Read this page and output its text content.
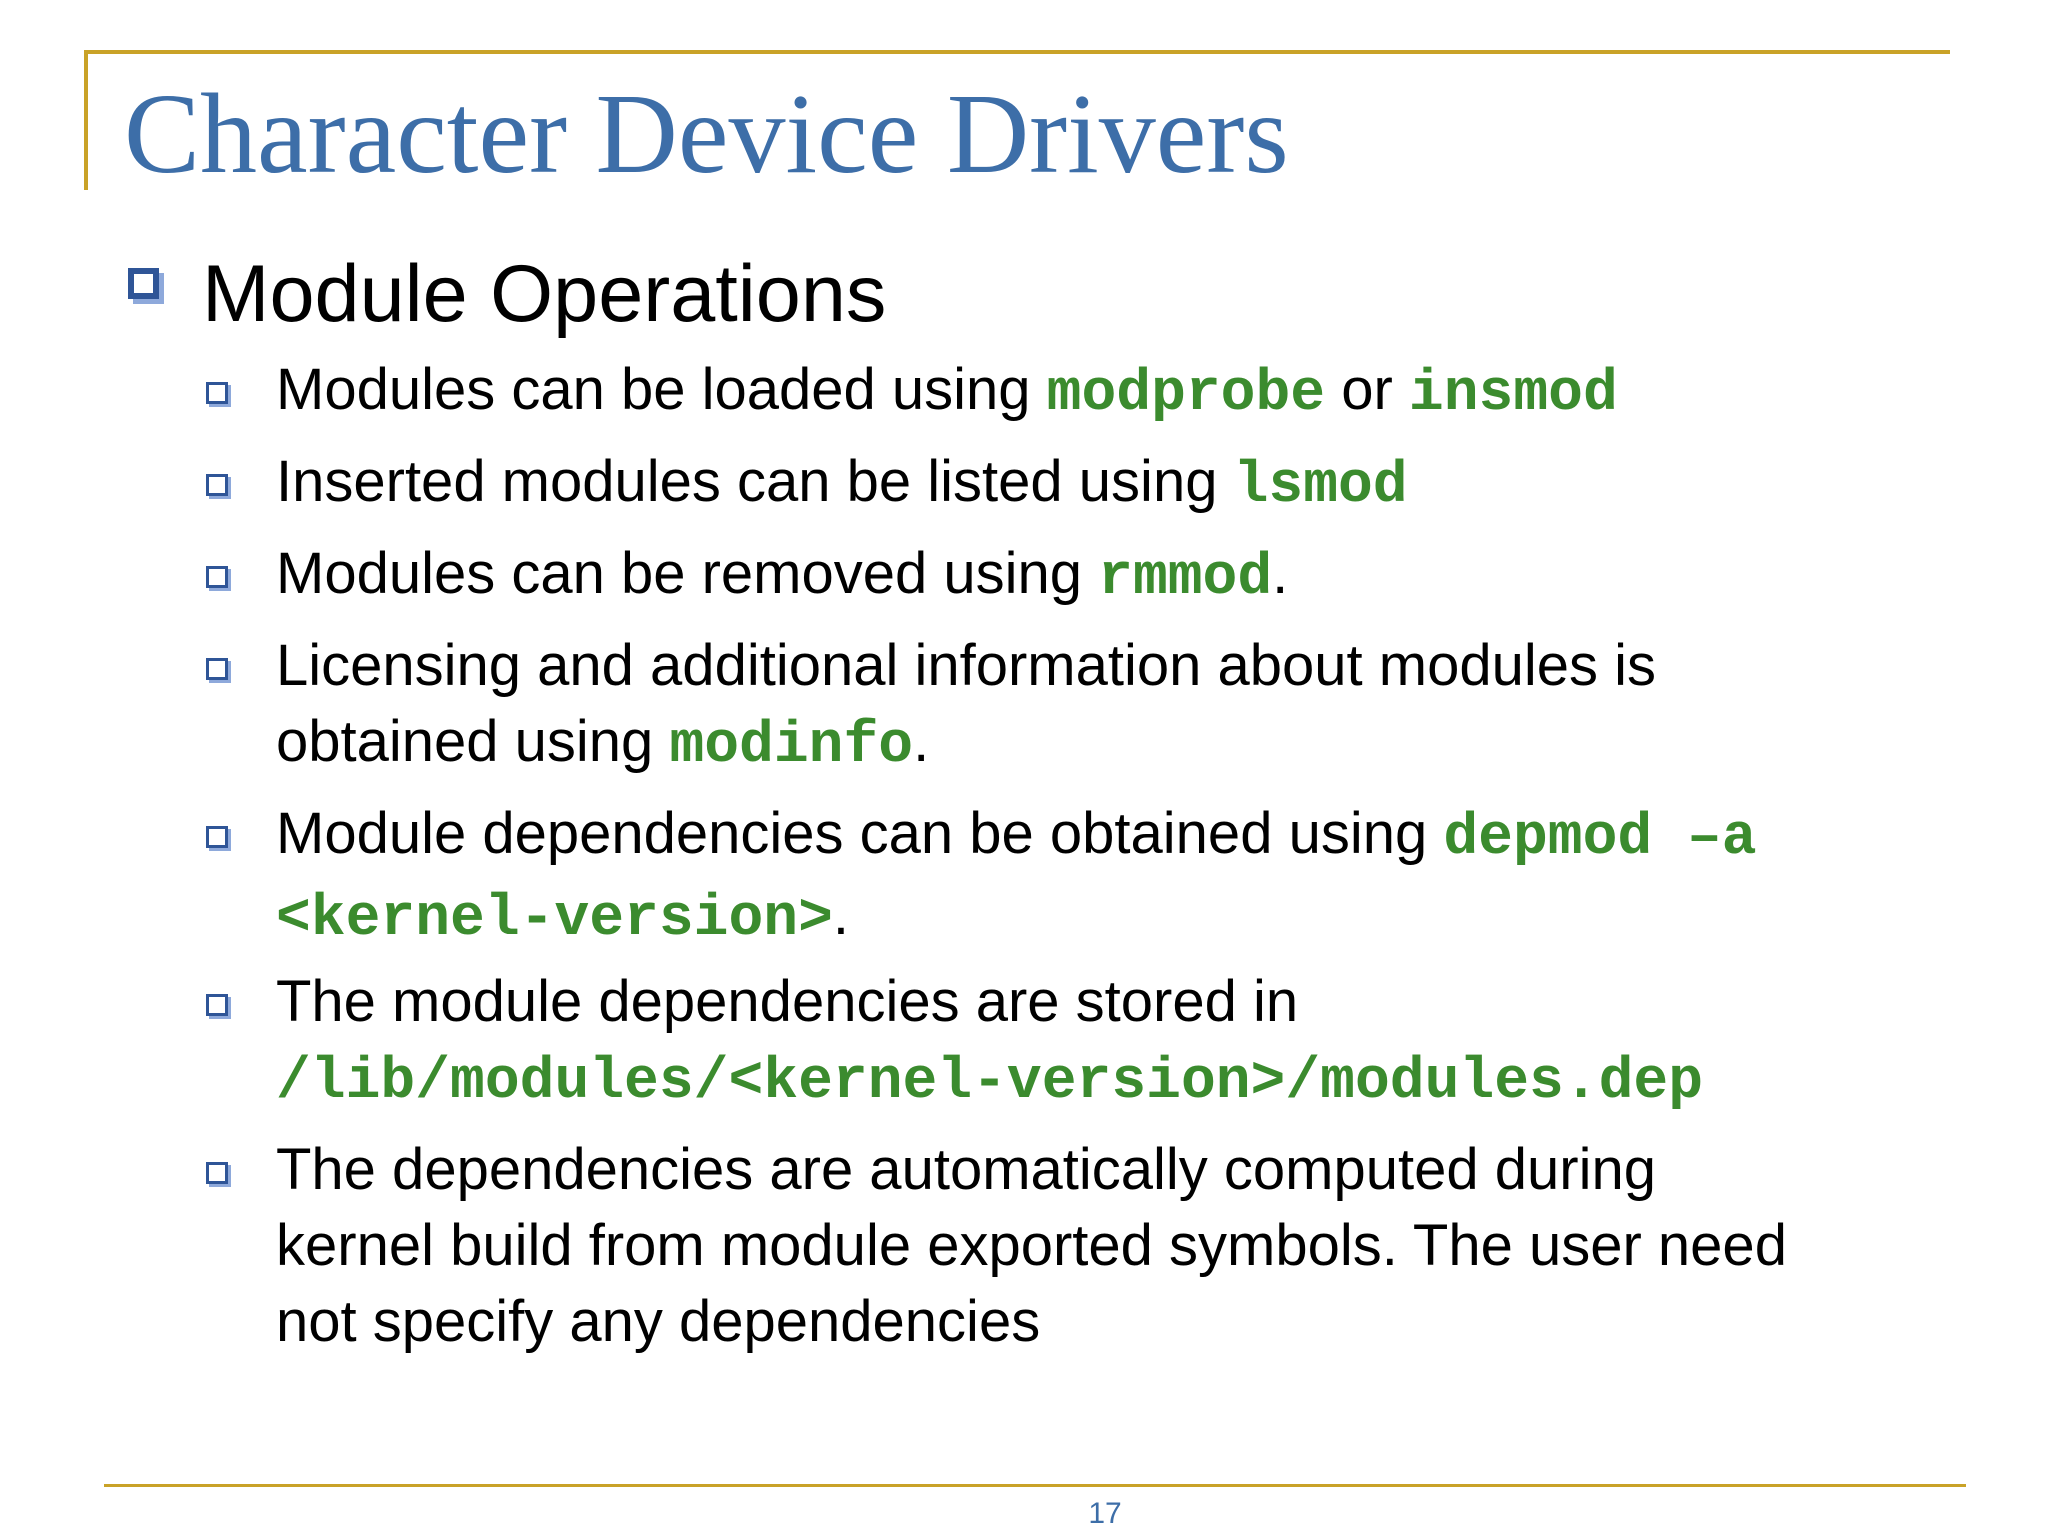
Character Device Drivers
Module Operations
Modules can be loaded using modprobe or insmod
Inserted modules can be listed using lsmod
Modules can be removed using rmmod.
Licensing and additional information about modules is
obtained using modinfo.
Module dependencies can be obtained using depmod –a
<kernel-version>.
The module dependencies are stored in
/lib/modules/<kernel-version>/modules.dep
The dependencies are automatically computed during
kernel build from module exported symbols. The user need
not specify any dependencies
17
